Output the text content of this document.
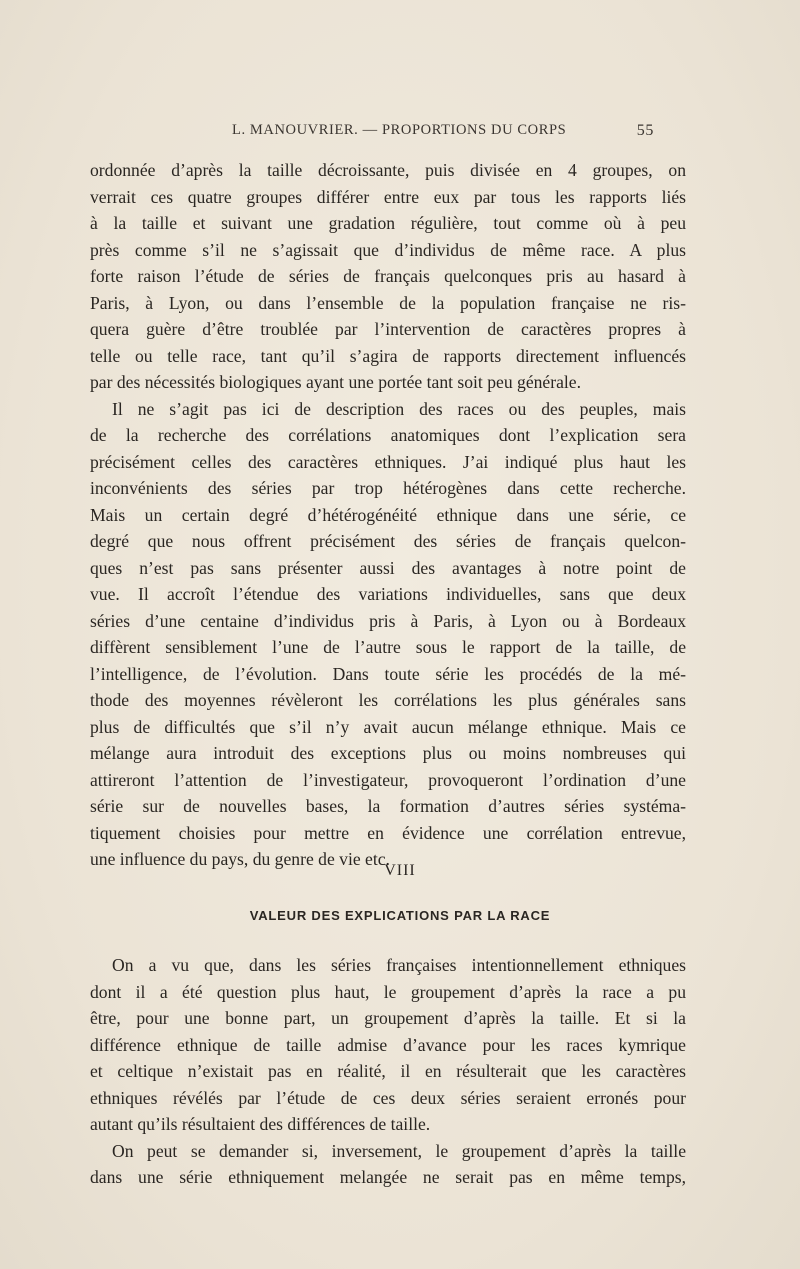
L. MANOUVRIER. — PROPORTIONS DU CORPS	55

ordonnée d’après la taille décroissante, puis divisée en 4 groupes, on
verrait ces quatre groupes différer entre eux par tous les rapports liés
à la taille et suivant une gradation régulière, tout comme où à peu
près comme s’il ne s’agissait que d’individus de même race. A plus
forte raison l’étude de séries de français quelconques pris au hasard à
Paris, à Lyon, ou dans l’ensemble de la population française ne ris-
quera guère d’être troublée par l’intervention de caractères propres à
telle ou telle race, tant qu’il s’agira de rapports directement influencés
par des nécessités biologiques ayant une portée tant soit peu générale.

Il ne s’agit pas ici de description des races ou des peuples, mais
de la recherche des corrélations anatomiques dont l’explication sera
précisément celles des caractères ethniques. J’ai indiqué plus haut les
inconvénients des séries par trop hétérogènes dans cette recherche.
Mais un certain degré d’hétérogénéité ethnique dans une série, ce
degré que nous offrent précisément des séries de français quelcon-
ques n’est pas sans présenter aussi des avantages à notre point de
vue. Il accroît l’étendue des variations individuelles, sans que deux
séries d’une centaine d’individus pris à Paris, à Lyon ou à Bordeaux
diffèrent sensiblement l’une de l’autre sous le rapport de la taille, de
l’intelligence, de l’évolution. Dans toute série les procédés de la mé-
thode des moyennes révèleront les corrélations les plus générales sans
plus de difficultés que s’il n’y avait aucun mélange ethnique. Mais ce
mélange aura introduit des exceptions plus ou moins nombreuses qui
attireront l’attention de l’investigateur, provoqueront l’ordination d’une
série sur de nouvelles bases, la formation d’autres séries systéma-
tiquement choisies pour mettre en évidence une corrélation entrevue,
une influence du pays, du genre de vie etc.

VIII
VALEUR DES EXPLICATIONS PAR LA RACE

On a vu que, dans les séries françaises intentionnellement ethniques
dont il a été question plus haut, le groupement d’après la race a pu
être, pour une bonne part, un groupement d’après la taille. Et si la
différence ethnique de taille admise d’avance pour les races kymrique
et celtique n’existait pas en réalité, il en résulterait que les caractères
ethniques révélés par l’étude de ces deux séries seraient erronés pour
autant qu’ils résultaient des différences de taille.

On peut se demander si, inversement, le groupement d’après la taille
dans une série ethniquement melangée ne serait pas en même temps,
